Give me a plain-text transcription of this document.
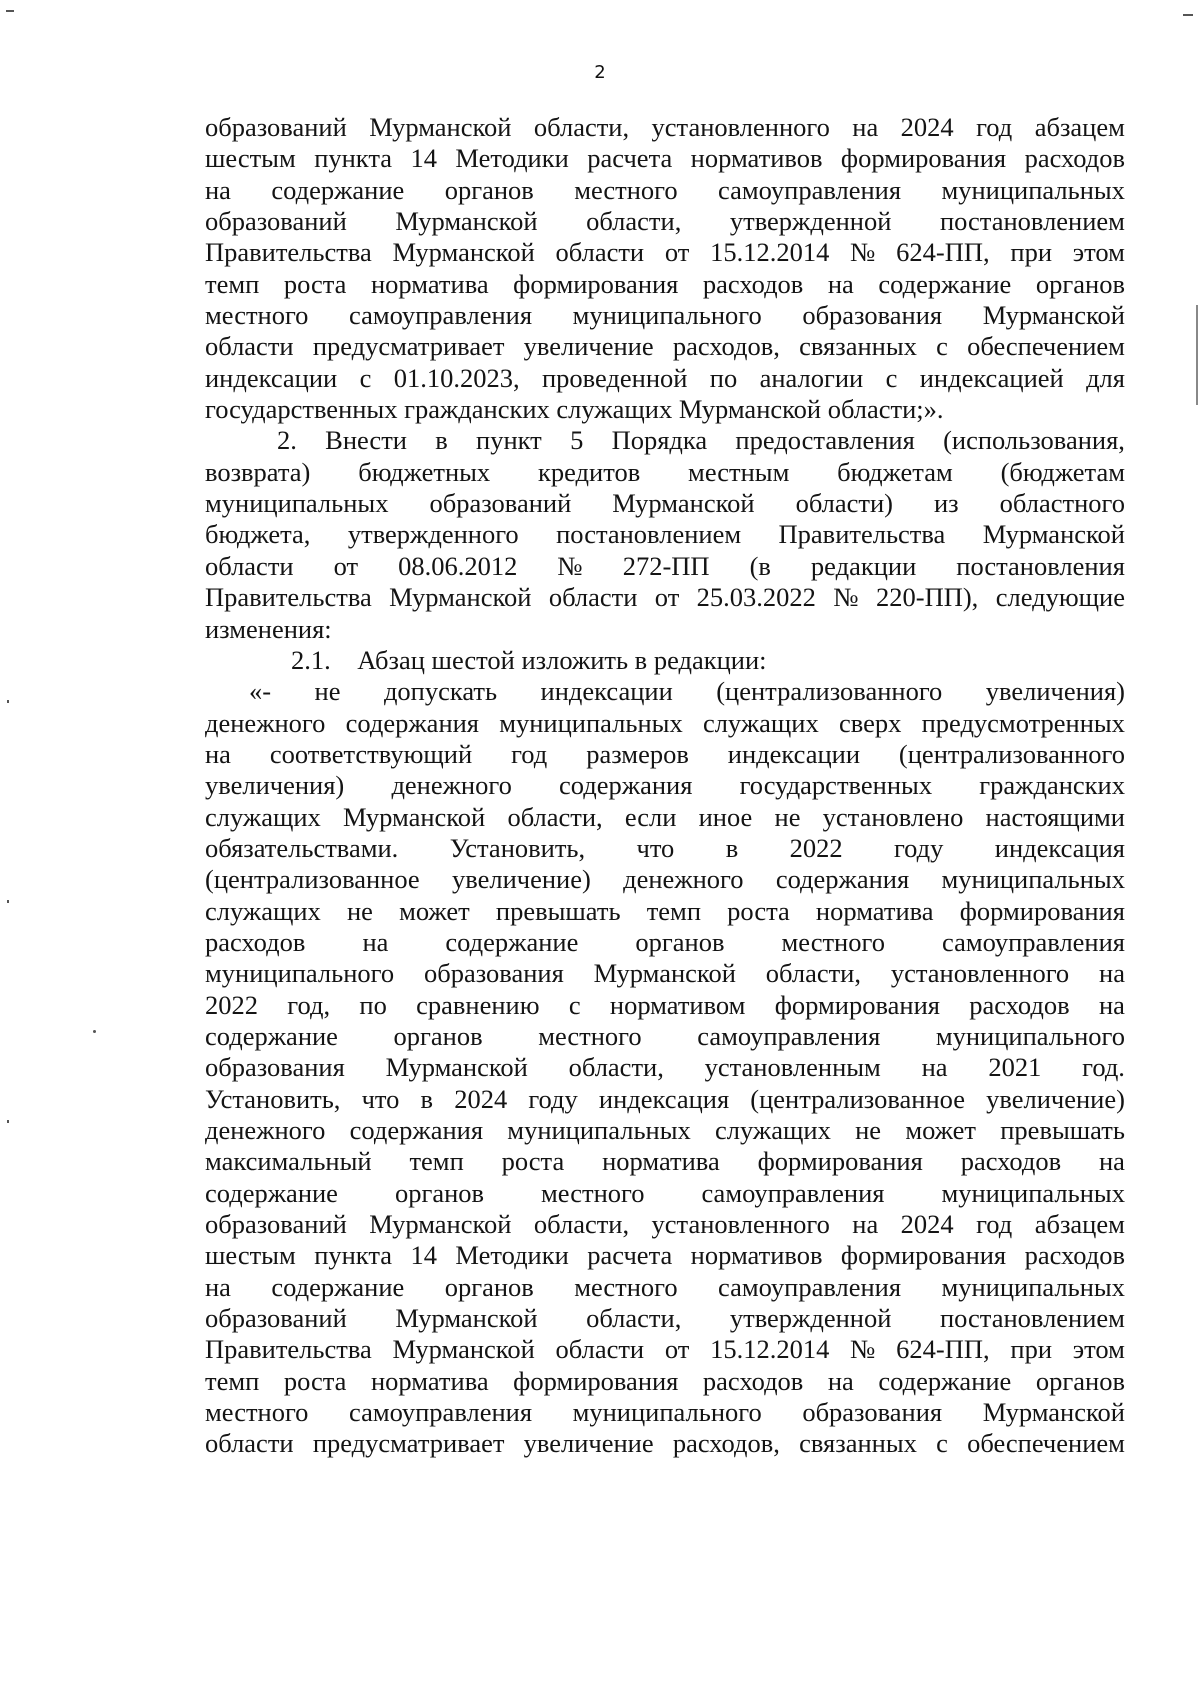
2
образований Мурманской области, установленного на 2024 год абзацем
шестым пункта 14 Методики расчета нормативов формирования расходов
на содержание органов местного самоуправления муниципальных
образований Мурманской области, утвержденной постановлением
Правительства Мурманской области от 15.12.2014 № 624-ПП, при этом
темп роста норматива формирования расходов на содержание органов
местного самоуправления муниципального образования Мурманской
области предусматривает увеличение расходов, связанных с обеспечением
индексации с 01.10.2023, проведенной по аналогии с индексацией для
государственных гражданских служащих Мурманской области;».
2. Внести в пункт 5 Порядка предоставления (использования,
возврата) бюджетных кредитов местным бюджетам (бюджетам
муниципальных образований Мурманской области) из областного
бюджета, утвержденного постановлением Правительства Мурманской
области от 08.06.2012 № 272-ПП (в редакции постановления
Правительства Мурманской области от 25.03.2022 № 220-ПП), следующие
изменения:
2.1.    Абзац шестой изложить в редакции:
«- не допускать индексации (централизованного увеличения)
денежного содержания муниципальных служащих сверх предусмотренных
на соответствующий год размеров индексации (централизованного
увеличения) денежного содержания государственных гражданских
служащих Мурманской области, если иное не установлено настоящими
обязательствами. Установить, что в 2022 году индексация
(централизованное увеличение) денежного содержания муниципальных
служащих не может превышать темп роста норматива формирования
расходов на содержание органов местного самоуправления
муниципального образования Мурманской области, установленного на
2022 год, по сравнению с нормативом формирования расходов на
содержание органов местного самоуправления муниципального
образования Мурманской области, установленным на 2021 год.
Установить, что в 2024 году индексация (централизованное увеличение)
денежного содержания муниципальных служащих не может превышать
максимальный темп роста норматива формирования расходов на
содержание органов местного самоуправления муниципальных
образований Мурманской области, установленного на 2024 год абзацем
шестым пункта 14 Методики расчета нормативов формирования расходов
на содержание органов местного самоуправления муниципальных
образований Мурманской области, утвержденной постановлением
Правительства Мурманской области от 15.12.2014 № 624-ПП, при этом
темп роста норматива формирования расходов на содержание органов
местного самоуправления муниципального образования Мурманской
области предусматривает увеличение расходов, связанных с обеспечением
